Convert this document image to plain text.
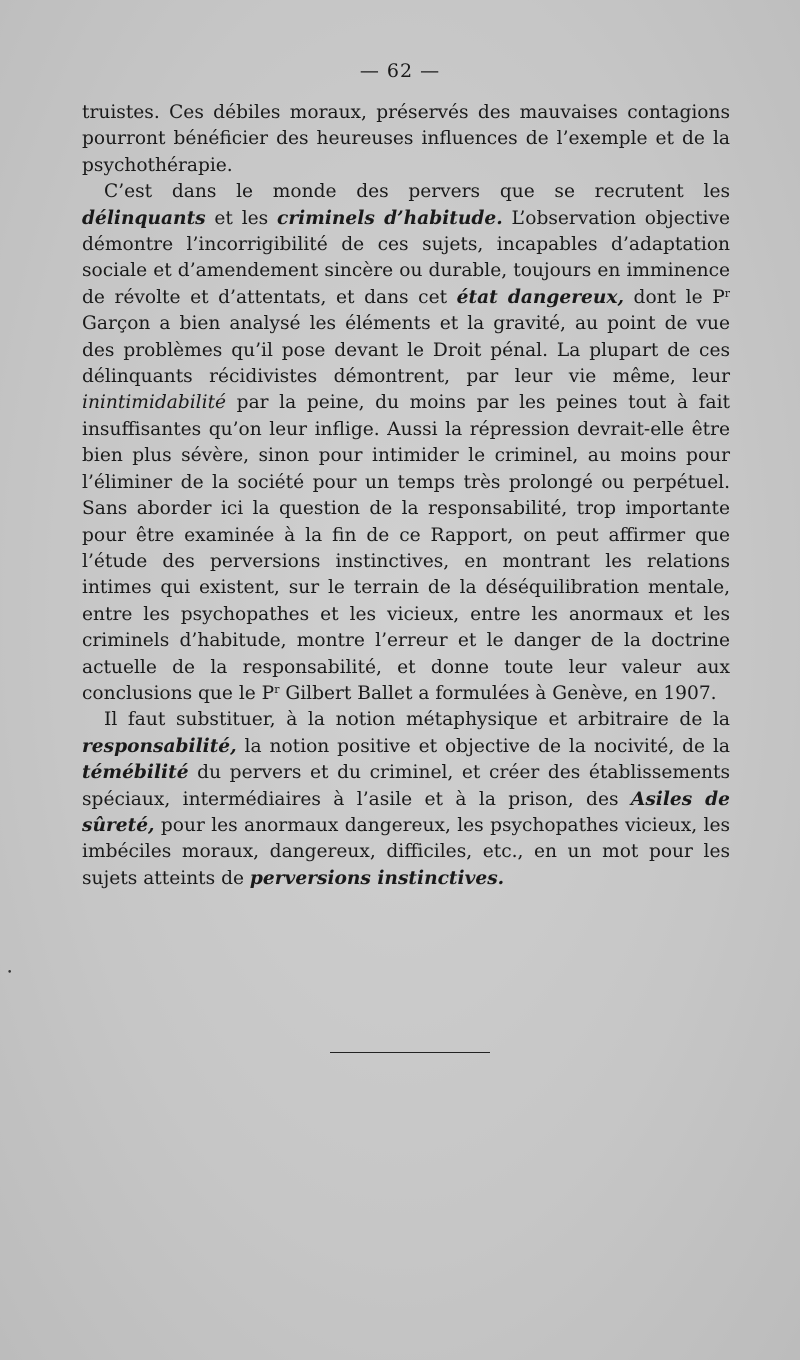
— 62 —

truistes. Ces débiles moraux, préservés des mauvaises contagions pourront bénéficier des heureuses influences de l’exemple et de la psychothérapie.

C’est dans le monde des pervers que se recrutent les délinquants et les criminels d’habitude. L’observation objective démontre l’incorrigibilité de ces sujets, incapables d’adaptation sociale et d’amendement sincère ou durable, toujours en imminence de révolte et d’attentats, et dans cet état dangereux, dont le $P^r$ Garçon a bien analysé les éléments et la gravité, au point de vue des problèmes qu’il pose devant le Droit pénal. La plupart de ces délinquants récidivistes démontrent, par leur vie même, leur inintimidabilité par la peine, du moins par les peines tout à fait insuffisantes qu’on leur inflige. Aussi la répression devrait-elle être bien plus sévère, sinon pour intimider le criminel, au moins pour l’éliminer de la société pour un temps très prolongé ou perpétuel. Sans aborder ici la question de la responsabilité, trop importante pour être examinée à la fin de ce Rapport, on peut affirmer que l’étude des perversions instinctives, en montrant les relations intimes qui existent, sur le terrain de la déséquilibration mentale, entre les psychopathes et les vicieux, entre les anormaux et les criminels d’habitude, montre l’erreur et le danger de la doctrine actuelle de la responsabilité, et donne toute leur valeur aux conclusions que le $P^r$ Gilbert Ballet a formulées à Genève, en 1907.

Il faut substituer, à la notion métaphysique et arbitraire de la responsabilité, la notion positive et objective de la nocivité, de la témébilité du pervers et du criminel, et créer des établissements spéciaux, intermédiaires à l’asile et à la prison, des Asiles de sûreté, pour les anormaux dangereux, les psychopathes vicieux, les imbéciles moraux, dangereux, difficiles, etc., en un mot pour les sujets atteints de perversions instinctives.

•
